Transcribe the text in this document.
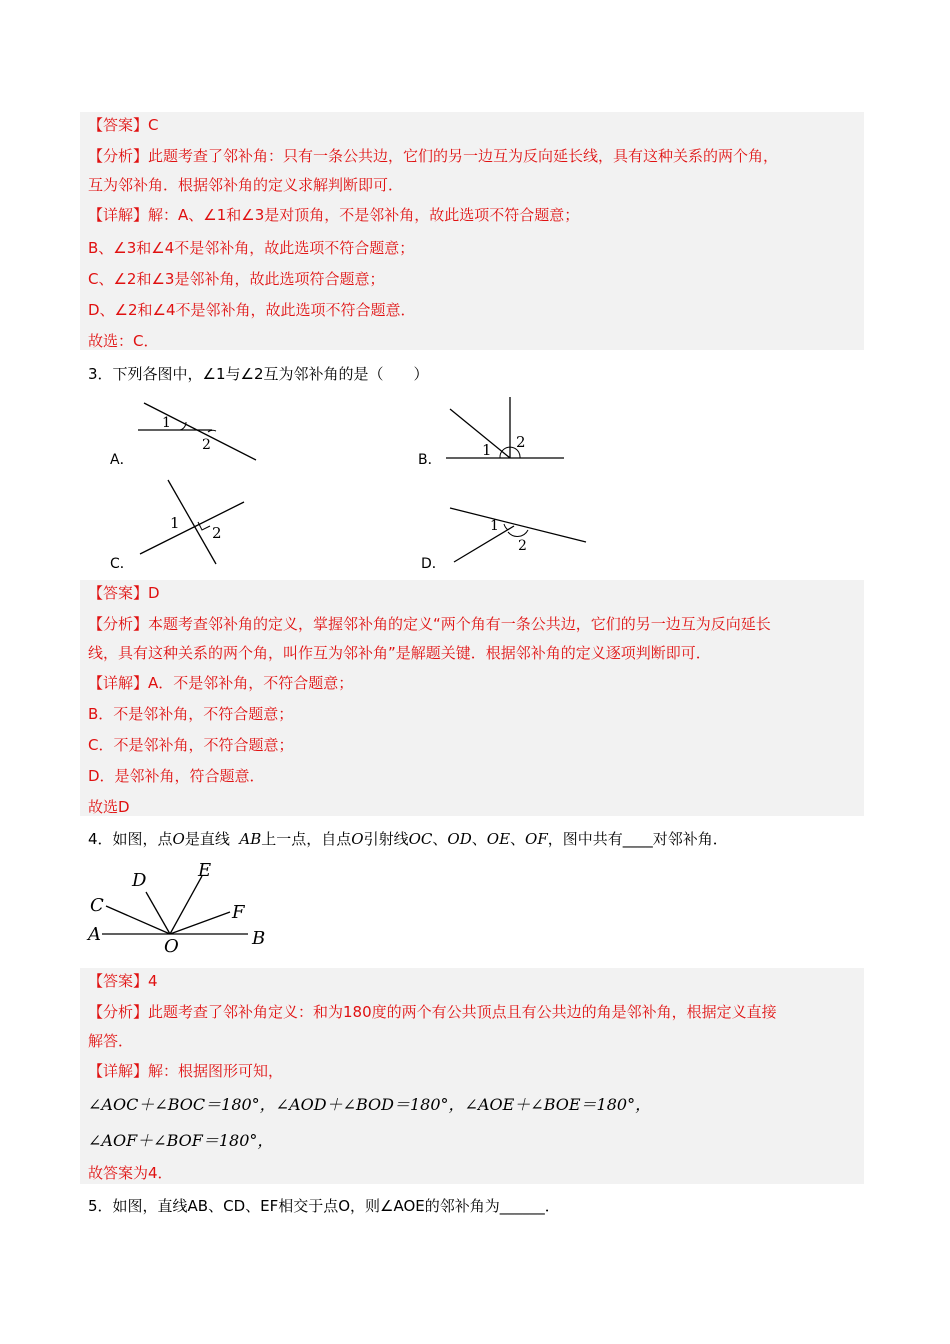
【答案】C
【分析】此题考查了邻补角：只有一条公共边，它们的另一边互为反向延长线，具有这种关系的两个角，
互为邻补角．根据邻补角的定义求解判断即可．
【详解】解：A、∠1和∠3是对顶角，不是邻补角，故此选项不符合题意；
B、∠3和∠4不是邻补角，故此选项不符合题意；
C、∠2和∠3是邻补角，故此选项符合题意；
D、∠2和∠4不是邻补角，故此选项不符合题意．
故选：C．
3．下列各图中，∠1与∠2互为邻补角的是（　　）
A．
1
2
B．
1 2
C．
1
2
D．
1
2
【答案】D
【分析】本题考查邻补角的定义，掌握邻补角的定义“两个角有一条公共边，它们的另一边互为反向延长
线，具有这种关系的两个角，叫作互为邻补角”是解题关键．根据邻补角的定义逐项判断即可．
【详解】A．不是邻补角，不符合题意；
B．不是邻补角，不符合题意；
C．不是邻补角，不符合题意；
D．是邻补角，符合题意．
故选D
4．如图，点O是直线 AB上一点，自点O引射线OC、OD、OE、OF，图中共有____对邻补角．
A	B
C
D	E
F
O
【答案】4
【分析】此题考查了邻补角定义：和为180度的两个有公共顶点且有公共边的角是邻补角，根据定义直接
解答．
【详解】解：根据图形可知，
∠AOC＋∠BOC＝180°，∠AOD＋∠BOD＝180°，∠AOE＋∠BOE＝180°，
∠AOF＋∠BOF＝180°，
故答案为4．
5．如图，直线AB、CD、EF相交于点O，则∠AOE的邻补角为______．
